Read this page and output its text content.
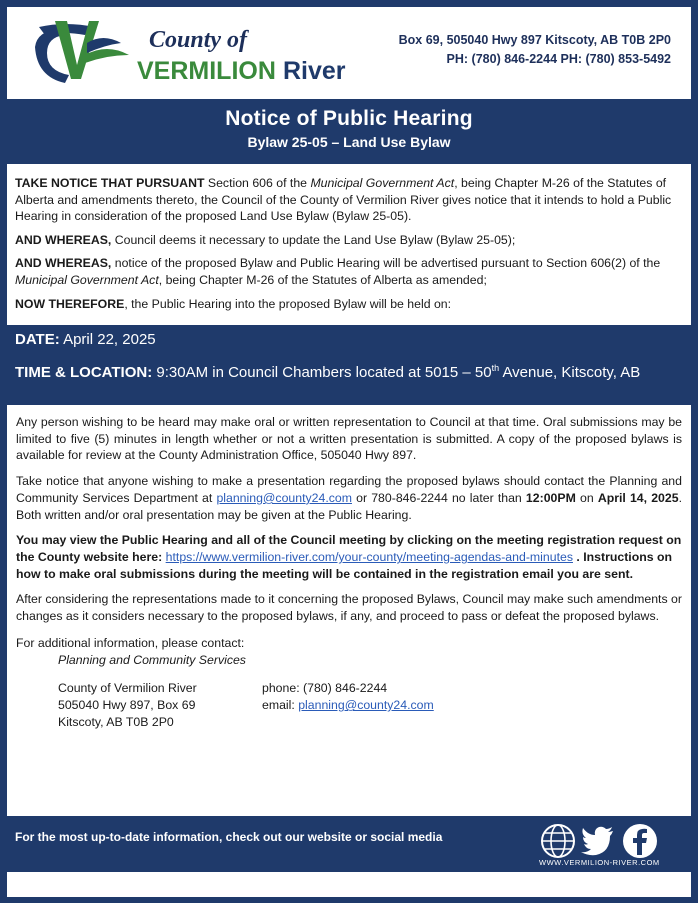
County of
VERMILION River
Box 69, 505040 Hwy 897 Kitscoty, AB T0B 2P0
PH: (780) 846-2244 PH: (780) 853-5492
Notice of Public Hearing
Bylaw 25-05 – Land Use Bylaw

TAKE NOTICE THAT PURSUANT Section 606 of the Municipal Government Act, being Chapter M-26 of the Statutes of Alberta and amendments thereto, the Council of the County of Vermilion River gives notice that it intends to hold a Public Hearing in consideration of the proposed Land Use Bylaw (Bylaw 25-05).

AND WHEREAS, Council deems it necessary to update the Land Use Bylaw (Bylaw 25-05);

AND WHEREAS, notice of the proposed Bylaw and Public Hearing will be advertised pursuant to Section 606(2) of the Municipal Government Act, being Chapter M-26 of the Statutes of Alberta as amended;

NOW THEREFORE, the Public Hearing into the proposed Bylaw will be held on:

DATE: April 22, 2025
TIME & LOCATION: 9:30AM in Council Chambers located at 5015 – 50th Avenue, Kitscoty, AB

Any person wishing to be heard may make oral or written representation to Council at that time. Oral submissions may be limited to five (5) minutes in length whether or not a written presentation is submitted. A copy of the proposed bylaws is available for review at the County Administration Office, 505040 Hwy 897.

Take notice that anyone wishing to make a presentation regarding the proposed bylaws should contact the Planning and Community Services Department at planning@county24.com or 780-846-2244 no later than 12:00PM on April 14, 2025. Both written and/or oral presentation may be given at the Public Hearing.

You may view the Public Hearing and all of the Council meeting by clicking on the meeting registration request on the County website here: https://www.vermilion-river.com/your-county/meeting-agendas-and-minutes . Instructions on how to make oral submissions during the meeting will be contained in the registration email you are sent.

After considering the representations made to it concerning the proposed Bylaws, Council may make such amendments or changes as it considers necessary to the proposed bylaws, if any, and proceed to pass or defeat the proposed bylaws.

For additional information, please contact:
Planning and Community Services
County of Vermilion River
505040 Hwy 897, Box 69
Kitscoty, AB T0B 2P0
phone: (780) 846-2244
email: planning@county24.com
For the most up-to-date information, check out our website or social media
WWW.VERMILION-RIVER.COM
